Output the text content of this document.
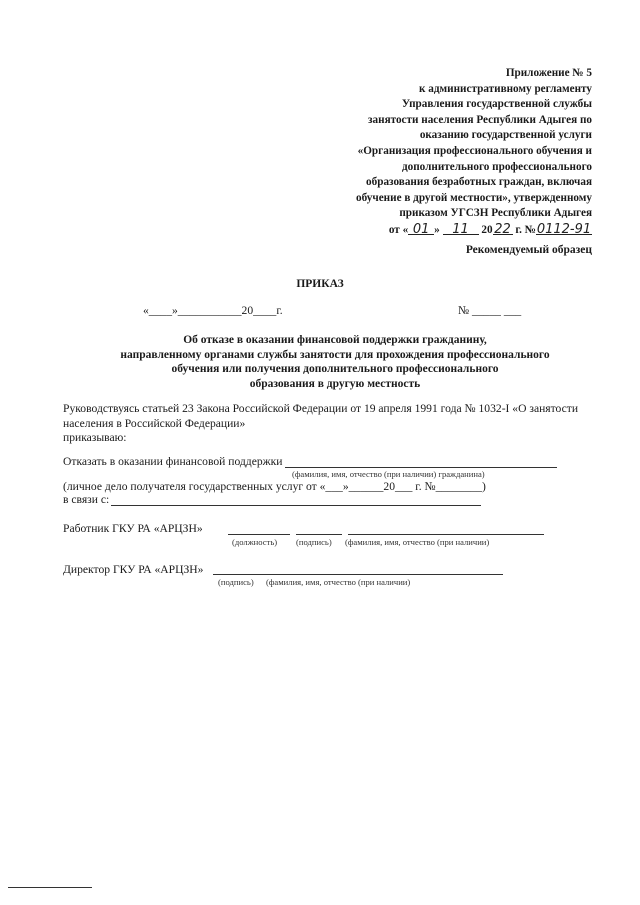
Приложение № 5
к административному регламенту
Управления государственной службы
занятости населения Республики Адыгея по
оказанию государственной услуги
«Организация профессионального обучения и
дополнительного профессионального
образования безработных граждан, включая
обучение в другой местности», утвержденному
приказом УГСЗН Республики Адыгея
от « 01 » 11 20 22 г. №0112-91
Рекомендуемый образец
ПРИКАЗ
«____»___________20____г.	№ _____ ___
Об отказе в оказании финансовой поддержки гражданину,
направленному органами службы занятости для прохождения профессионального
обучения или получения дополнительного профессионального
образования в другую местность
Руководствуясь статьей 23 Закона Российской Федерации от 19 апреля 1991 года № 1032-I «О занятости
населения в Российской Федерации»
приказываю:
Отказать в оказании финансовой поддержки
(фамилия, имя, отчество (при наличии) гражданина)
(личное дело получателя государственных услуг от «___»______20___ г. №________)
в связи с:
Работник ГКУ РА «АРЦЗН»
(должность) (подпись) (фамилия, имя, отчество (при наличии)
Директор ГКУ РА «АРЦЗН»
(подпись) (фамилия, имя, отчество (при наличии)
